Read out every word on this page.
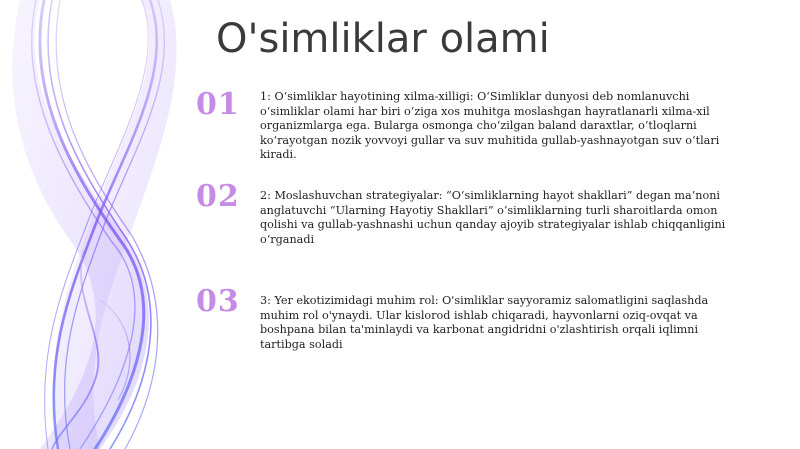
O'simliklar olami
01	1: O‘simliklar hayotining xilma-xilligi: O‘Simliklar dunyosi deb nomlanuvchi o‘simliklar olami har biri o‘ziga xos muhitga moslashgan hayratlanarli xilma-xil organizmlarga ega. Bularga osmonga cho‘zilgan baland daraxtlar, o‘tloqlarni ko‘rayotgan nozik yovvoyi gullar va suv muhitida gullab-yashnayotgan suv o‘tlari kiradi.

02	2: Moslashuvchan strategiyalar: “O‘simliklarning hayot shakllari” degan ma’noni anglatuvchi “Ularning Hayotiy Shakllari” o‘simliklarning turli sharoitlarda omon qolishi va gullab-yashnashi uchun qanday ajoyib strategiyalar ishlab chiqqanligini o‘rganadi

03	3: Yer ekotizimidagi muhim rol: O'simliklar sayyoramiz salomatligini saqlashda muhim rol o'ynaydi. Ular kislorod ishlab chiqaradi, hayvonlarni oziq-ovqat va boshpana bilan ta'minlaydi va karbonat angidridni o'zlashtirish orqali iqlimni tartibga soladi
